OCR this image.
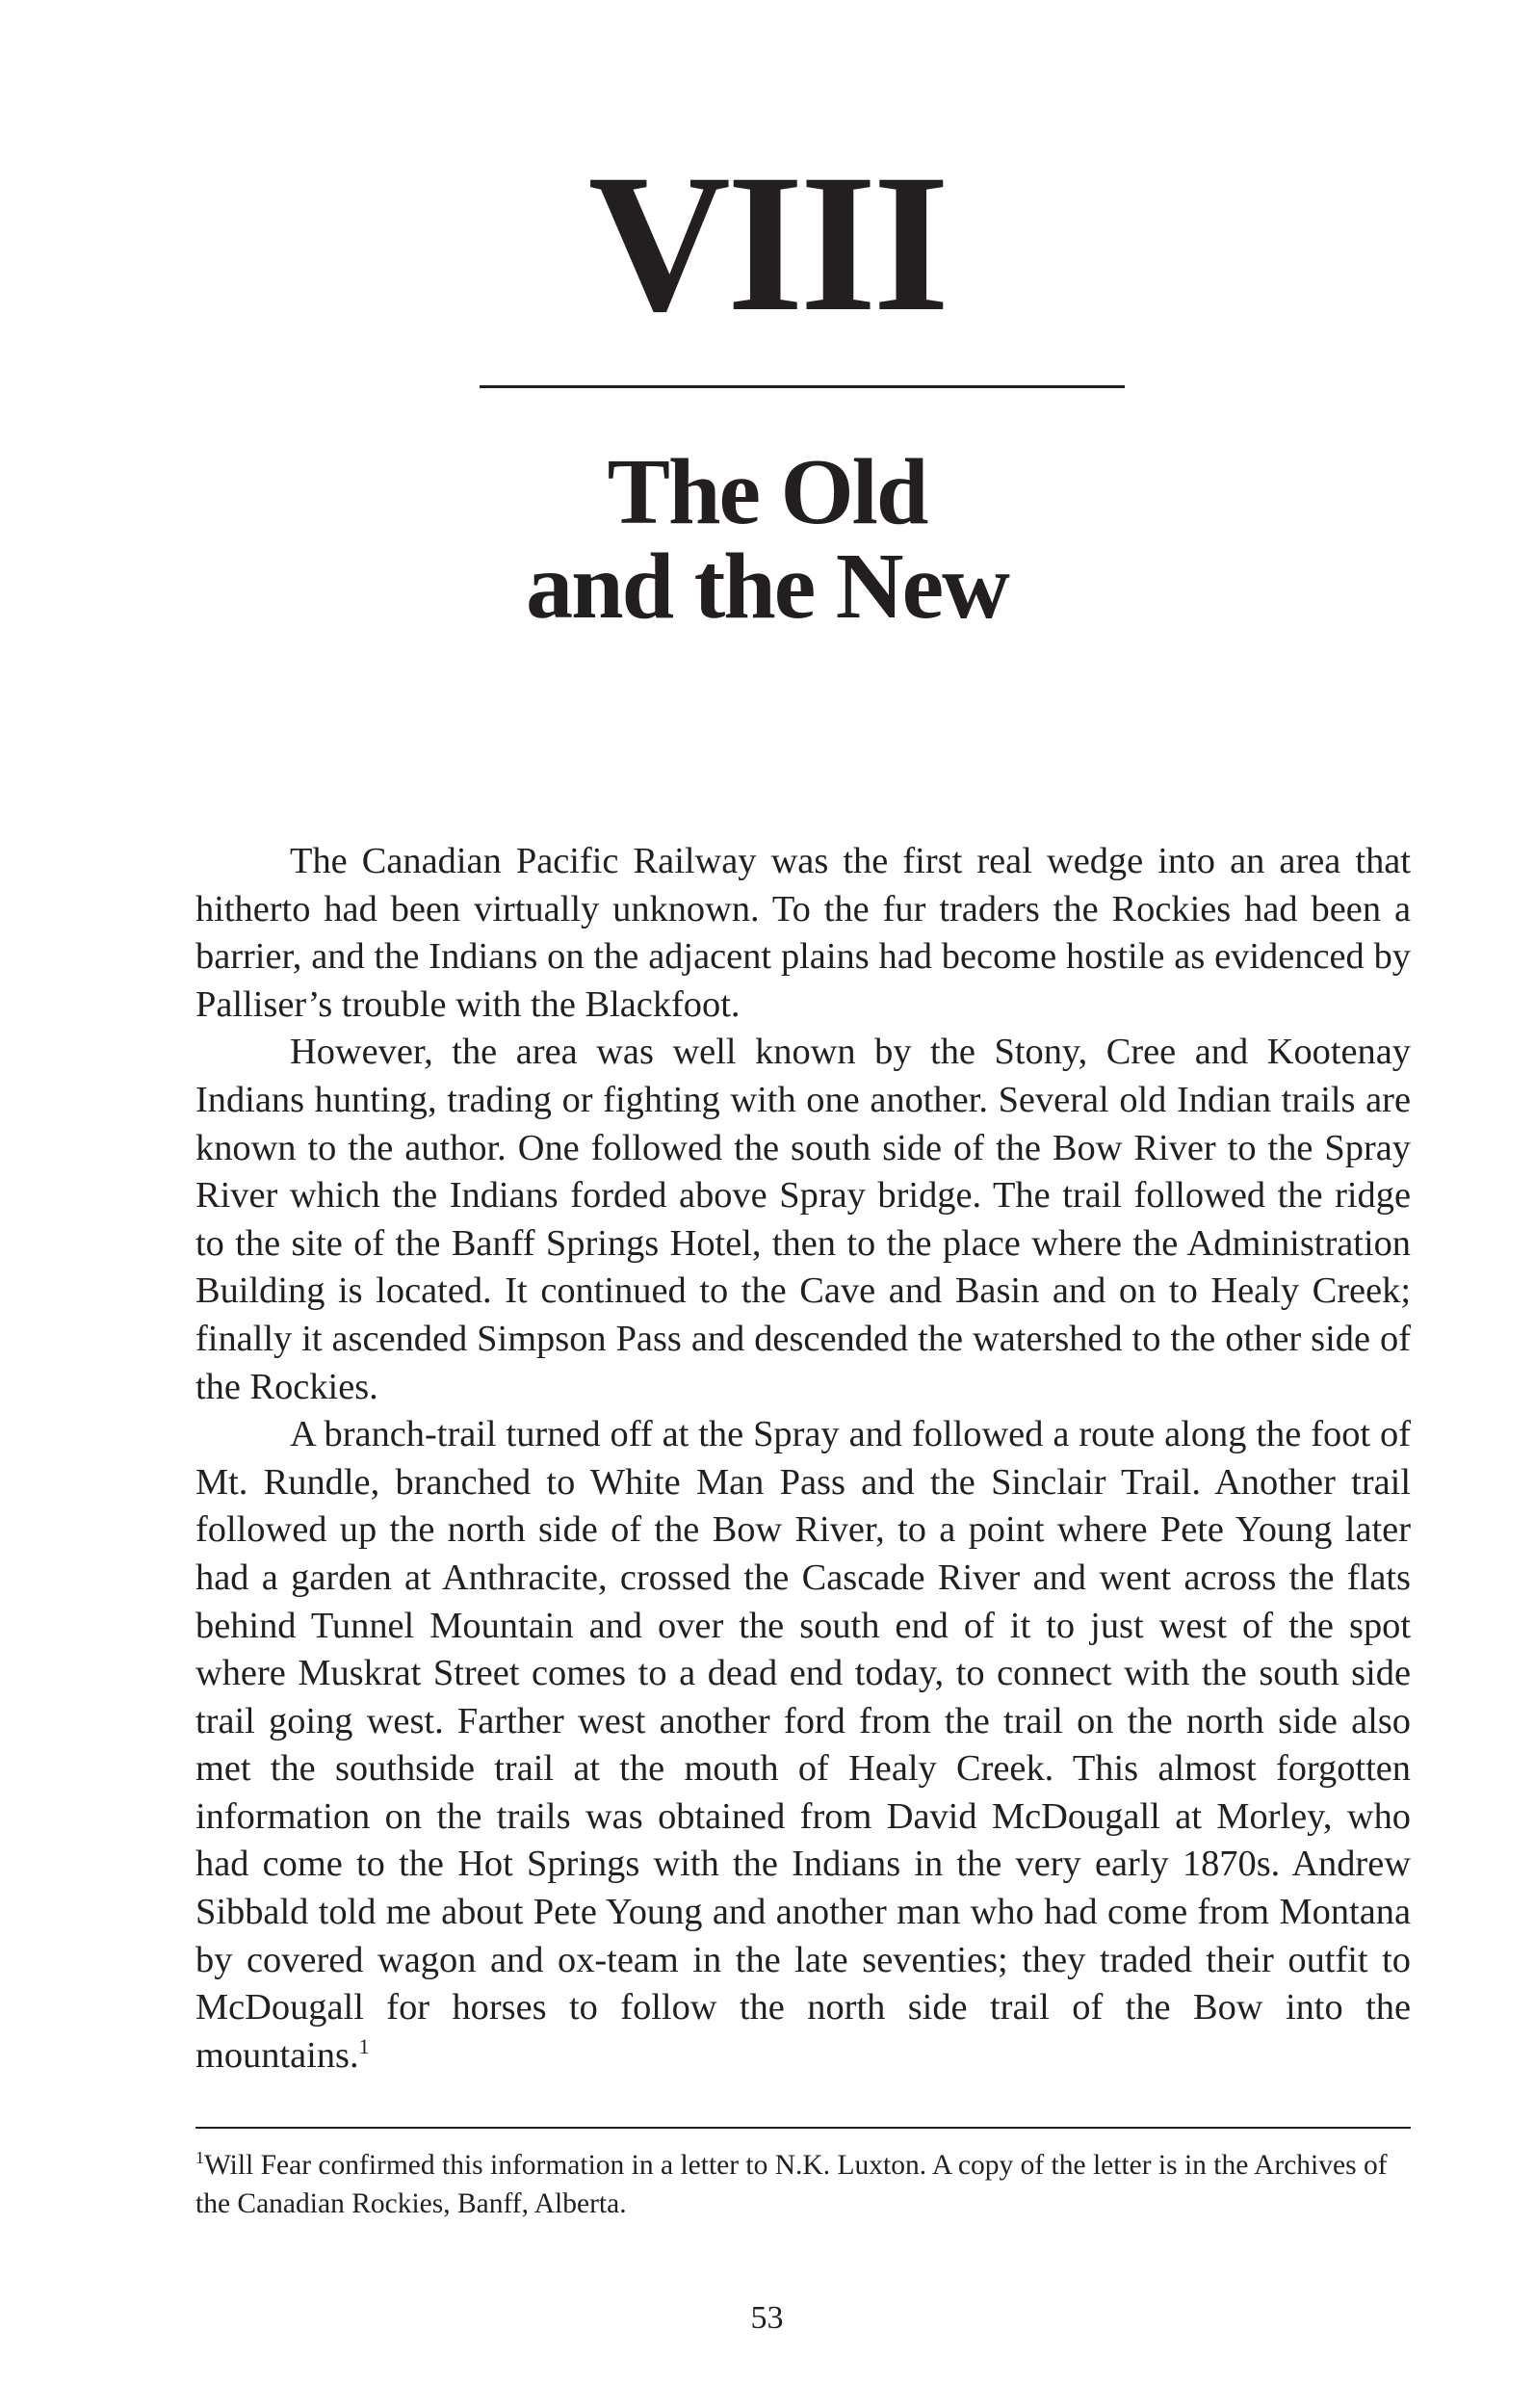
VIII
The Old
and the New

The Canadian Pacific Railway was the first real wedge into an area that hitherto had been virtually unknown. To the fur traders the Rockies had been a barrier, and the Indians on the adjacent plains had become hostile as evidenced by Palliser’s trouble with the Blackfoot.

However, the area was well known by the Stony, Cree and Kootenay Indians hunting, trading or fighting with one another. Several old Indian trails are known to the author. One followed the south side of the Bow River to the Spray River which the Indians forded above Spray bridge. The trail followed the ridge to the site of the Banff Springs Hotel, then to the place where the Administration Building is located. It continued to the Cave and Basin and on to Healy Creek; finally it ascended Simpson Pass and descended the watershed to the other side of the Rockies.

A branch-trail turned off at the Spray and followed a route along the foot of Mt. Rundle, branched to White Man Pass and the Sinclair Trail. Another trail followed up the north side of the Bow River, to a point where Pete Young later had a garden at Anthracite, crossed the Cascade River and went across the flats behind Tunnel Mountain and over the south end of it to just west of the spot where Muskrat Street comes to a dead end today, to connect with the south side trail going west. Farther west another ford from the trail on the north side also met the southside trail at the mouth of Healy Creek. This almost forgotten information on the trails was obtained from David McDougall at Morley, who had come to the Hot Springs with the Indians in the very early 1870s. Andrew Sibbald told me about Pete Young and another man who had come from Montana by covered wagon and ox-team in the late seventies; they traded their outfit to McDougall for horses to follow the north side trail of the Bow into the mountains.$^1$

$^1$Will Fear confirmed this information in a letter to N.K. Luxton. A copy of the letter is in the Archives of the Canadian Rockies, Banff, Alberta.

53
